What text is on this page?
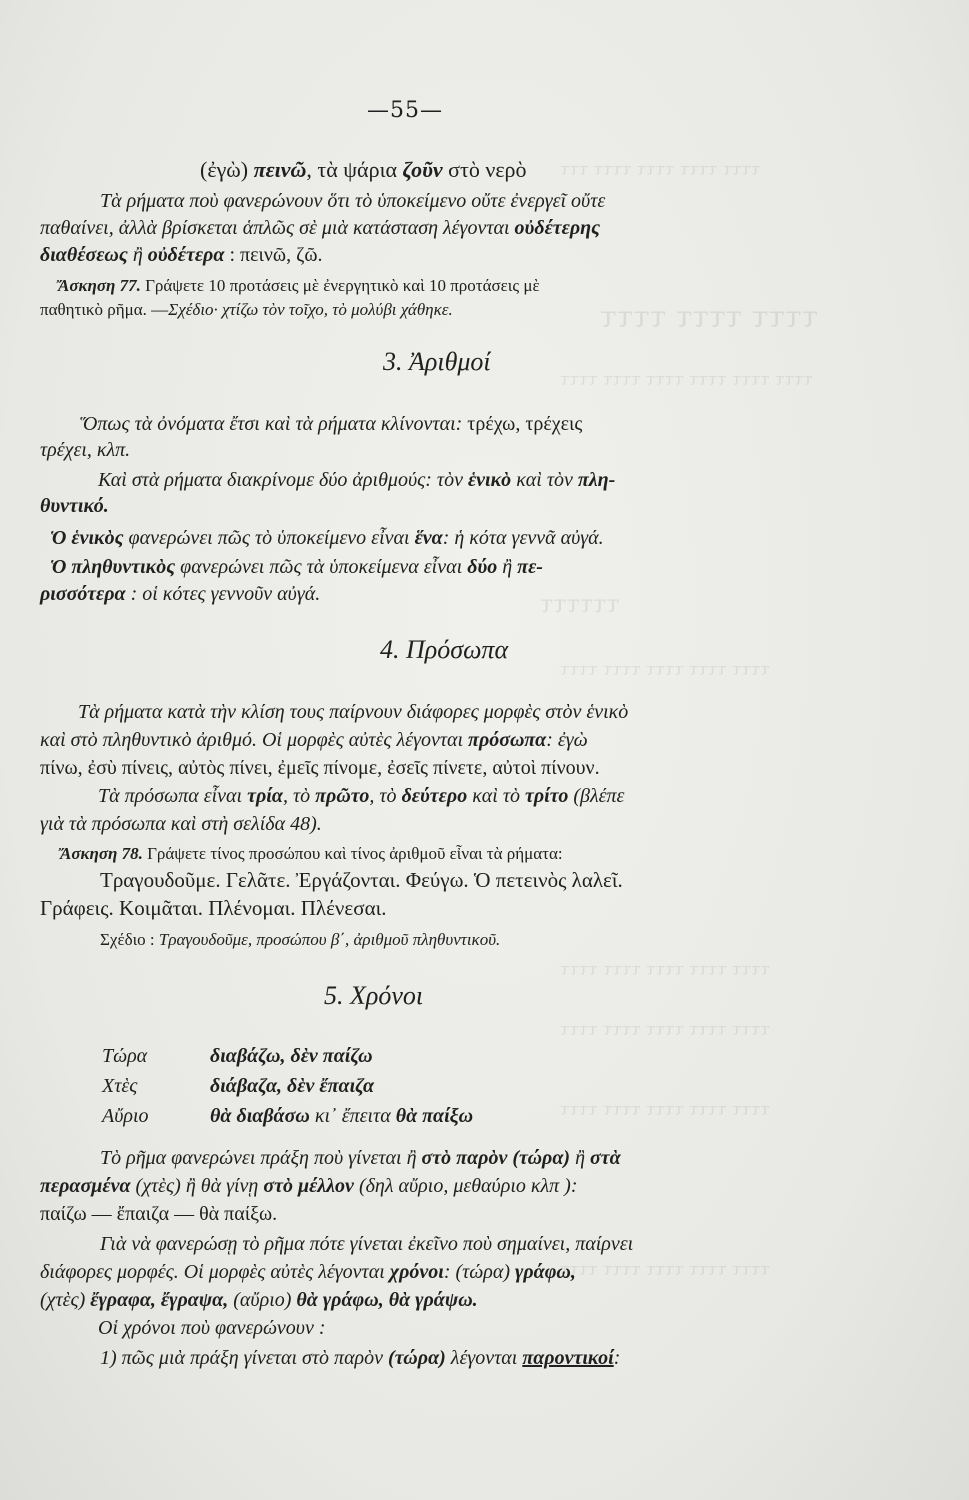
ττττ ττττ ττττ ττττ τττ
ττττ ττττ ττττ
ττττ ττττ ττττ ττττ ττττ ττττ
ττττττ
ττττ ττττ ττττ ττττ ττττ
ττττ ττττ ττττ ττττ ττττ
ττττ ττττ ττττ ττττ ττττ
ττττ ττττ ττττ ττττ ττττ
ττττ ττττ ττττ ττττ ττττ
—55—
(ἐγὼ) πεινῶ, τὰ ψάρια ζοῦν στὸ νερὸ
Τὰ ρήματα ποὺ φανερώνουν ὅτι τὸ ὑποκείμενο οὔτε ἐνεργεῖ οὔτε
παθαίνει, ἀλλὰ βρίσκεται ἁπλῶς σὲ μιὰ κατάσταση λέγονται οὐδέτερης
διαθέσεως ἢ οὐδέτερα : πεινῶ, ζῶ.
Ἄσκηση 77. Γράψετε 10 προτάσεις μὲ ἐνεργητικὸ καὶ 10 προτάσεις μὲ
παθητικὸ ρῆμα. —Σχέδιο· χτίζω τὸν τοῖχο, τὸ μολύβι χάθηκε.
3. Ἀριθμοί
Ὅπως τὰ ὀνόματα ἔτσι καὶ τὰ ρήματα κλίνονται: τρέχω, τρέχεις
τρέχει, κλπ.
Καὶ στὰ ρήματα διακρίνομε δύο ἀριθμούς: τὸν ἑνικὸ καὶ τὸν πλη-
θυντικό.
Ὁ ἑνικὸς φανερώνει πῶς τὸ ὑποκείμενο εἶναι ἕνα: ἡ κότα γεννᾶ αὐγά.
Ὁ πληθυντικὸς φανερώνει πῶς τὰ ὑποκείμενα εἶναι δύο ἢ πε-
ρισσότερα : οἱ κότες γεννοῦν αὐγά.
4. Πρόσωπα
Τὰ ρήματα κατὰ τὴν κλίση τους παίρνουν διάφορες μορφὲς στὸν ἑνικὸ
καὶ στὸ πληθυντικὸ ἀριθμό. Οἱ μορφὲς αὐτὲς λέγονται πρόσωπα: ἐγὼ
πίνω, ἐσὺ πίνεις, αὐτὸς πίνει, ἐμεῖς πίνομε, ἐσεῖς πίνετε, αὐτοὶ πίνουν.
Τὰ πρόσωπα εἶναι τρία, τὸ πρῶτο, τὸ δεύτερο καὶ τὸ τρίτο (βλέπε
γιὰ τὰ πρόσωπα καὶ στὴ σελίδα 48).
Ἄσκηση 78. Γράψετε τίνος προσώπου καὶ τίνος ἀριθμοῦ εἶναι τὰ ρήματα:
Τραγουδοῦμε. Γελᾶτε. Ἐργάζονται. Φεύγω. Ὁ πετεινὸς λαλεῖ.
Γράφεις. Κοιμᾶται. Πλένομαι. Πλένεσαι.
Σχέδιο : Τραγουδοῦμε, προσώπου β΄, ἀριθμοῦ πληθυντικοῦ.
5. Χρόνοι
Τώρα	διαβάζω, δὲν παίζω
Χτὲς	διάβαζα, δὲν ἔπαιζα
Αὔριο	θὰ διαβάσω κι᾿ ἔπειτα θὰ παίξω
Τὸ ρῆμα φανερώνει πράξη ποὺ γίνεται ἢ στὸ παρὸν (τώρα) ἢ στὰ
περασμένα (χτὲς) ἢ θὰ γίνῃ στὸ μέλλον (δηλ αὔριο, μεθαύριο κλπ ):
παίζω — ἔπαιζα — θὰ παίξω.
Γιὰ νὰ φανερώσῃ τὸ ρῆμα πότε γίνεται ἐκεῖνο ποὺ σημαίνει, παίρνει
διάφορες μορφές. Οἱ μορφὲς αὐτὲς λέγονται χρόνοι: (τώρα) γράφω,
(χτὲς) ἔγραφα, ἔγραψα, (αὔριο) θὰ γράφω, θὰ γράψω.
Οἱ χρόνοι ποὺ φανερώνουν :
1) πῶς μιὰ πράξη γίνεται στὸ παρὸν (τώρα) λέγονται παροντικοί:
